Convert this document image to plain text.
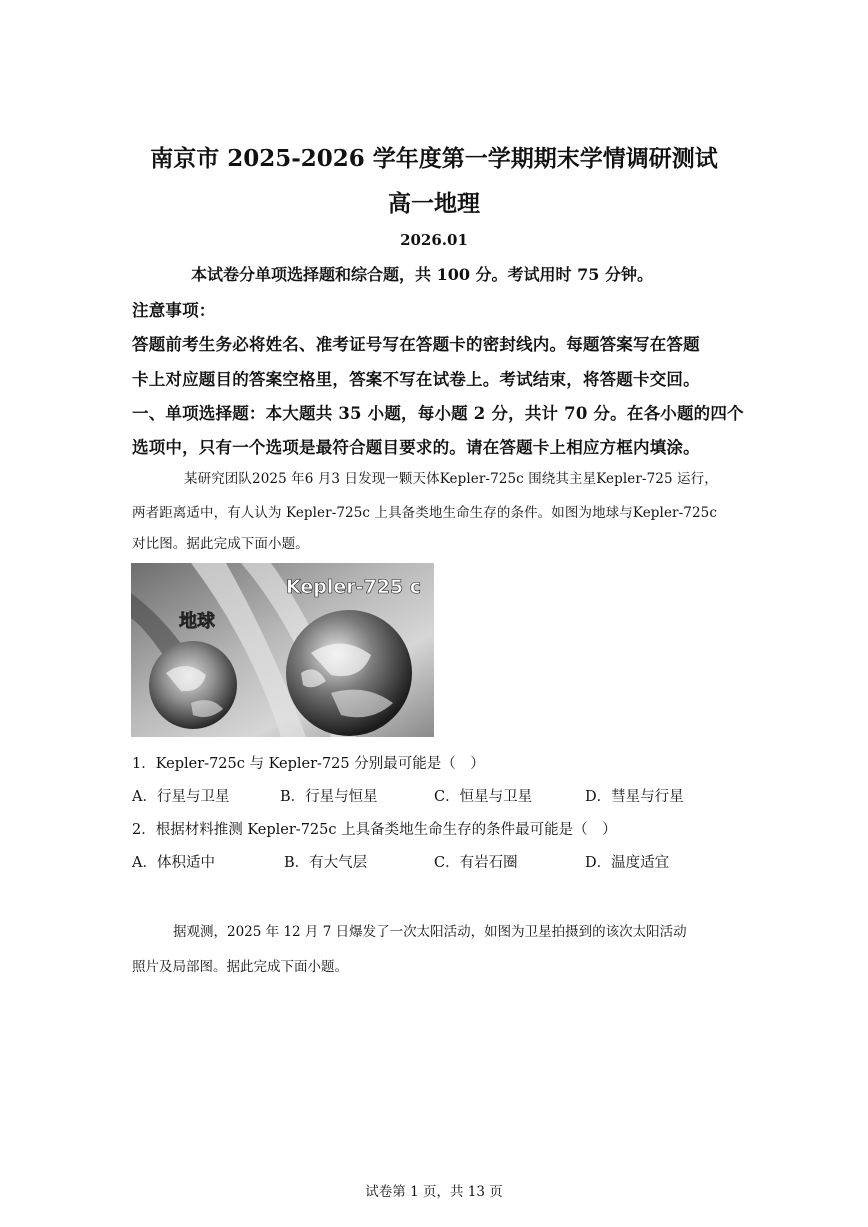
南京市 2025-2026 学年度第一学期期末学情调研测试
高一地理
2026.01
本试卷分单项选择题和综合题，共 100 分。考试用时 75 分钟。
注意事项：
答题前考生务必将姓名、准考证号写在答题卡的密封线内。每题答案写在答题
卡上对应题目的答案空格里，答案不写在试卷上。考试结束，将答题卡交回。
一、单项选择题：本大题共 35 小题，每小题 2 分，共计 70 分。在各小题的四个
选项中，只有一个选项是最符合题目要求的。请在答题卡上相应方框内填涂。
某研究团队2025 年6 月3 日发现一颗天体Kepler-725c 围绕其主星Kepler-725 运行，
两者距离适中，有人认为 Kepler-725c 上具备类地生命生存的条件。如图为地球与Kepler-725c
对比图。据此完成下面小题。
地球
Kepler-725 c
1．Kepler-725c 与 Kepler-725 分别最可能是（　）
A．行星与卫星	B．行星与恒星	C．恒星与卫星	D．彗星与行星
2．根据材料推测 Kepler-725c 上具备类地生命生存的条件最可能是（　）
A．体积适中	B．有大气层	C．有岩石圈	D．温度适宜
据观测，2025 年 12 月 7 日爆发了一次太阳活动，如图为卫星拍摄到的该次太阳活动
照片及局部图。据此完成下面小题。
试卷第 1 页，共 13 页
